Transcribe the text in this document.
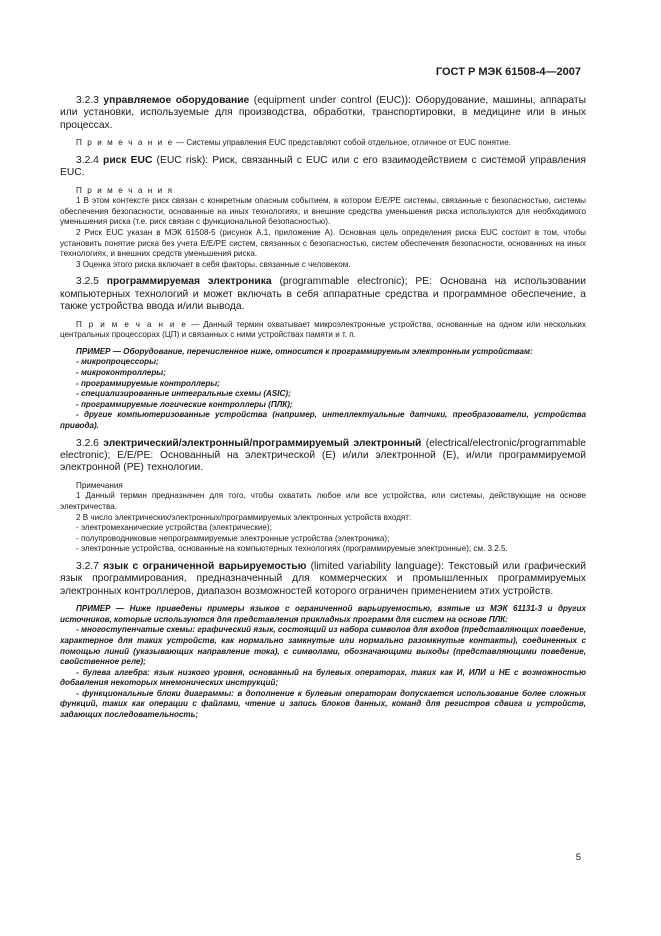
ГОСТ Р МЭК 61508-4—2007

3.2.3 управляемое оборудование (equipment under control (EUC)): Оборудование, машины, аппараты или установки, используемые для производства, обработки, транспортировки, в медицине или в иных процессах.

П р и м е ч а н и е — Системы управления EUC представляют собой отдельное, отличное от EUC понятие.

3.2.4 риск EUC (EUC risk): Риск, связанный с EUC или с его взаимодействием с системой управления EUC.

П р и м е ч а н и я

1 В этом контексте риск связан с конкретным опасным событием, в котором E/E/PE системы, связанные с безопасностью, системы обеспечения безопасности, основанные на иных технологиях, и внешние средства уменьшения риска используются для необходимого уменьшения риска (т.е. риск связан с функциональной безопасностью).

2 Риск EUC указан в МЭК 61508-5 (рисунок А.1, приложение А). Основная цель определения риска EUC состоит в том, чтобы установить понятие риска без учета E/E/PE систем, связанных с безопасностью, систем обеспечения безопасности, основанных на иных технологиях, и внешних средств уменьшения риска.

3 Оценка этого риска включает в себя факторы, связанные с человеком.

3.2.5 программируемая электроника (programmable electronic); PE: Основана на использовании компьютерных технологий и может включать в себя аппаратные средства и программное обеспечение, а также устройства ввода и/или вывода.

П р и м е ч а н и е — Данный термин охватывает микроэлектронные устройства, основанные на одном или нескольких центральных процессорах (ЦП) и связанных с ними устройствах памяти и т. п.

ПРИМЕР — Оборудование, перечисленное ниже, относится к программируемым электронным устройствам:

- микропроцессоры;

- микроконтроллеры;

- программируемые контроллеры;

- специализированные интегральные схемы (ASIC);

- программируемые логические контроллеры (ПЛК);

- другие компьютеризованные устройства (например, интеллектуальные датчики, преобразователи, устройства привода).

3.2.6 электрический/электронный/программируемый электронный (electrical/electronic/programmable electronic); E/E/PE: Основанный на электрической (E) и/или электронной (E), и/или программируемой электронной (PE) технологии.

Примечания

1 Данный термин предназначен для того, чтобы охватить любое или все устройства, или системы, действующие на основе электричества.

2 В число электрических/электронных/программируемых электронных устройств входят:

- электромеханические устройства (электрические);

- полупроводниковые непрограммируемые электронные устройства (электроника);

- электронные устройства, основанные на компьютерных технологиях (программируемые электронные); см. 3.2.5.

3.2.7 язык с ограниченной варьируемостью (limited variability language): Текстовый или графический язык программирования, предназначенный для коммерческих и промышленных программируемых электронных контроллеров, диапазон возможностей которого ограничен применением этих устройств.

ПРИМЕР — Ниже приведены примеры языков с ограниченной варьируемостью, взятые из МЭК 61131-3 и других источников, которые используются для представления прикладных программ для систем на основе ПЛК:

- многоступенчатые схемы: графический язык, состоящий из набора символов для входов (представляющих поведение, характерное для таких устройств, как нормально замкнутые или нормально разомкнутые контакты), соединенных с помощью линий (указывающих направление тока), с символами, обозначающими выходы (представляющими поведение, свойственное реле);

- булева алгебра: язык низкого уровня, основанный на булевых операторах, таких как И, ИЛИ и НЕ с возможностью добавления некоторых мнемонических инструкций;

- функциональные блоки диаграммы: в дополнение к булевым операторам допускается использование более сложных функций, таких как операции с файлами, чтение и запись блоков данных, команд для регистров сдвига и устройств, задающих последовательность;

5
